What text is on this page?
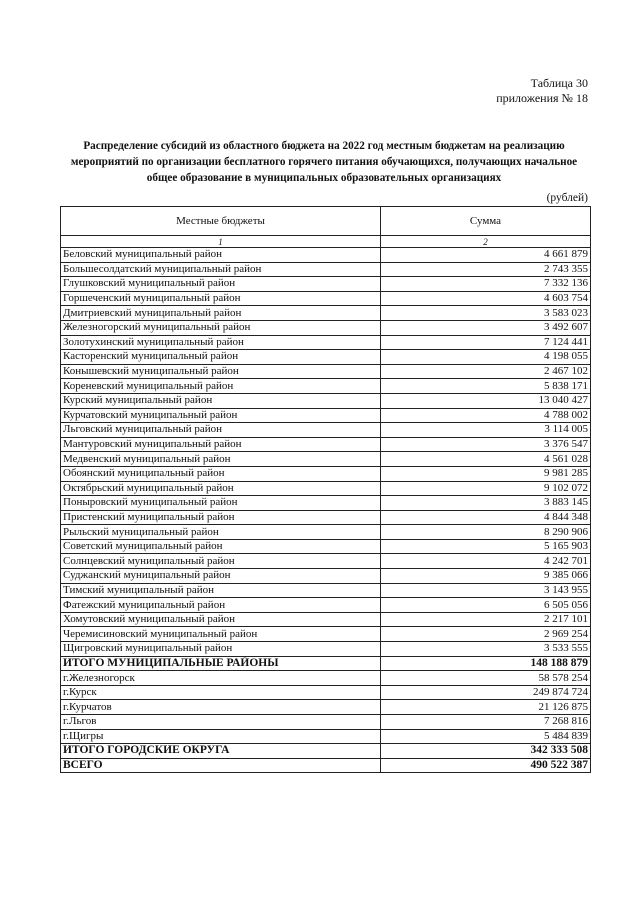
Таблица 30
приложения № 18
Распределение субсидий из областного бюджета на 2022 год местным бюджетам на реализацию мероприятий по организации бесплатного горячего питания обучающихся, получающих начальное общее образование в муниципальных образовательных организациях
(рублей)
Местные бюджеты	Сумма
1	2
Беловский муниципальный район	4 661 879
Большесолдатский муниципальный район	2 743 355
Глушковский муниципальный район	7 332 136
Горшеченский муниципальный район	4 603 754
Дмитриевский муниципальный район	3 583 023
Железногорский муниципальный район	3 492 607
Золотухинский муниципальный район	7 124 441
Касторенский муниципальный район	4 198 055
Конышевский муниципальный район	2 467 102
Кореневский муниципальный район	5 838 171
Курский муниципальный район	13 040 427
Курчатовский муниципальный район	4 788 002
Льговский муниципальный район	3 114 005
Мантуровский муниципальный район	3 376 547
Медвенский муниципальный район	4 561 028
Обоянский муниципальный район	9 981 285
Октябрьский муниципальный район	9 102 072
Поныровский муниципальный район	3 883 145
Пристенский муниципальный район	4 844 348
Рыльский муниципальный район	8 290 906
Советский муниципальный район	5 165 903
Солнцевский муниципальный район	4 242 701
Суджанский муниципальный район	9 385 066
Тимский муниципальный район	3 143 955
Фатежский муниципальный район	6 505 056
Хомутовский муниципальный район	2 217 101
Черемисиновский муниципальный район	2 969 254
Щигровский муниципальный район	3 533 555
ИТОГО МУНИЦИПАЛЬНЫЕ РАЙОНЫ	148 188 879
г.Железногорск	58 578 254
г.Курск	249 874 724
г.Курчатов	21 126 875
г.Льгов	7 268 816
г.Щигры	5 484 839
ИТОГО ГОРОДСКИЕ ОКРУГА	342 333 508
ВСЕГО	490 522 387
